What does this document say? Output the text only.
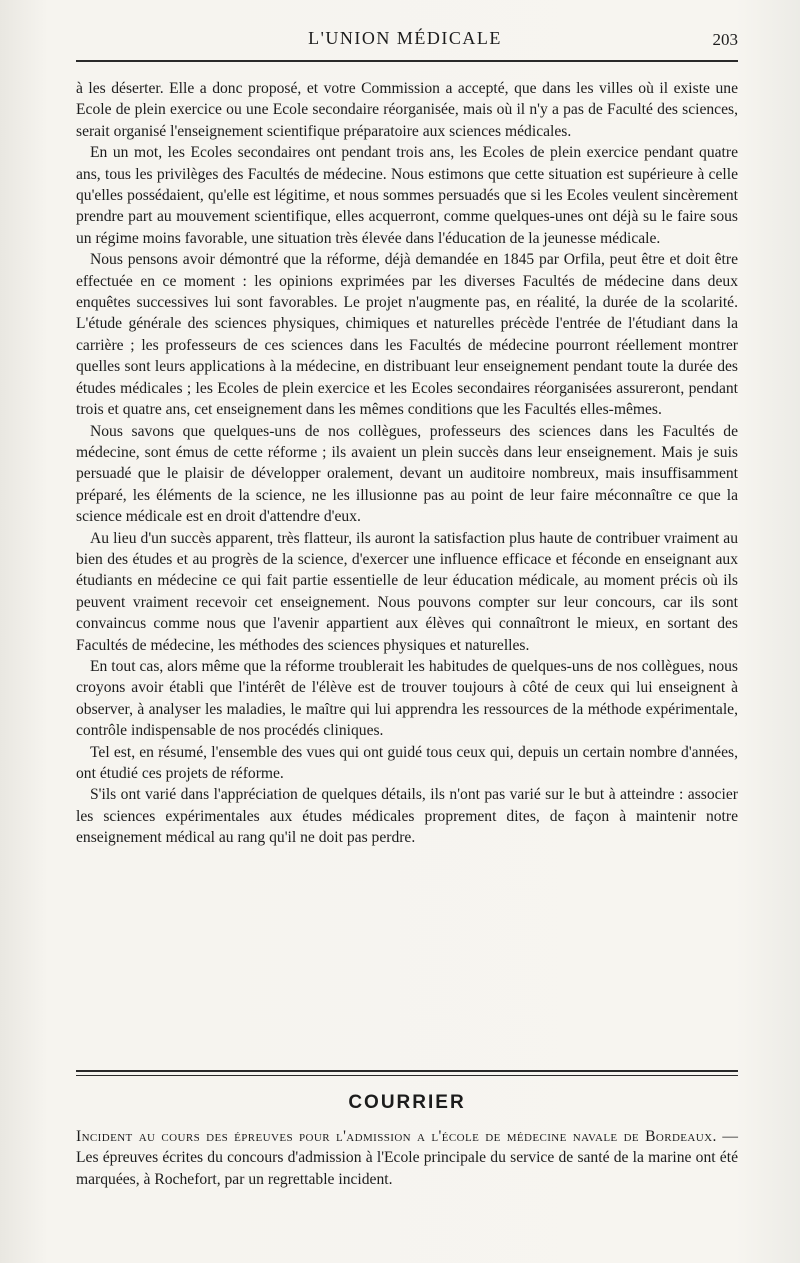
L'UNION MÉDICALE	203

à les déserter. Elle a donc proposé, et votre Commission a accepté, que dans les villes où il existe une Ecole de plein exercice ou une Ecole secondaire réorganisée, mais où il n'y a pas de Faculté des sciences, serait organisé l'enseignement scientifique préparatoire aux sciences médicales.

En un mot, les Ecoles secondaires ont pendant trois ans, les Ecoles de plein exercice pendant quatre ans, tous les privilèges des Facultés de médecine. Nous estimons que cette situation est supérieure à celle qu'elles possédaient, qu'elle est légitime, et nous sommes persuadés que si les Ecoles veulent sincèrement prendre part au mouvement scientifique, elles acquerront, comme quelques-unes ont déjà su le faire sous un régime moins favorable, une situation très élevée dans l'éducation de la jeunesse médicale.

Nous pensons avoir démontré que la réforme, déjà demandée en 1845 par Orfila, peut être et doit être effectuée en ce moment : les opinions exprimées par les diverses Facultés de médecine dans deux enquêtes successives lui sont favorables. Le projet n'augmente pas, en réalité, la durée de la scolarité. L'étude générale des sciences physiques, chimiques et naturelles précède l'entrée de l'étudiant dans la carrière ; les professeurs de ces sciences dans les Facultés de médecine pourront réellement montrer quelles sont leurs applications à la médecine, en distribuant leur enseignement pendant toute la durée des études médicales ; les Ecoles de plein exercice et les Ecoles secondaires réorganisées assureront, pendant trois et quatre ans, cet enseignement dans les mêmes conditions que les Facultés elles-mêmes.

Nous savons que quelques-uns de nos collègues, professeurs des sciences dans les Facultés de médecine, sont émus de cette réforme ; ils avaient un plein succès dans leur enseignement. Mais je suis persuadé que le plaisir de développer oralement, devant un auditoire nombreux, mais insuffisamment préparé, les éléments de la science, ne les illusionne pas au point de leur faire méconnaître ce que la science médicale est en droit d'attendre d'eux.

Au lieu d'un succès apparent, très flatteur, ils auront la satisfaction plus haute de contribuer vraiment au bien des études et au progrès de la science, d'exercer une influence efficace et féconde en enseignant aux étudiants en médecine ce qui fait partie essentielle de leur éducation médicale, au moment précis où ils peuvent vraiment recevoir cet enseignement. Nous pouvons compter sur leur concours, car ils sont convaincus comme nous que l'avenir appartient aux élèves qui connaîtront le mieux, en sortant des Facultés de médecine, les méthodes des sciences physiques et naturelles.

En tout cas, alors même que la réforme troublerait les habitudes de quelques-uns de nos collègues, nous croyons avoir établi que l'intérêt de l'élève est de trouver toujours à côté de ceux qui lui enseignent à observer, à analyser les maladies, le maître qui lui apprendra les ressources de la méthode expérimentale, contrôle indispensable de nos procédés cliniques.

Tel est, en résumé, l'ensemble des vues qui ont guidé tous ceux qui, depuis un certain nombre d'années, ont étudié ces projets de réforme.

S'ils ont varié dans l'appréciation de quelques détails, ils n'ont pas varié sur le but à atteindre : associer les sciences expérimentales aux études médicales proprement dites, de façon à maintenir notre enseignement médical au rang qu'il ne doit pas perdre.

COURRIER

Incident au cours des épreuves pour l'admission a l'école de médecine navale de Bordeaux. — Les épreuves écrites du concours d'admission à l'Ecole principale du service de santé de la marine ont été marquées, à Rochefort, par un regrettable incident.
